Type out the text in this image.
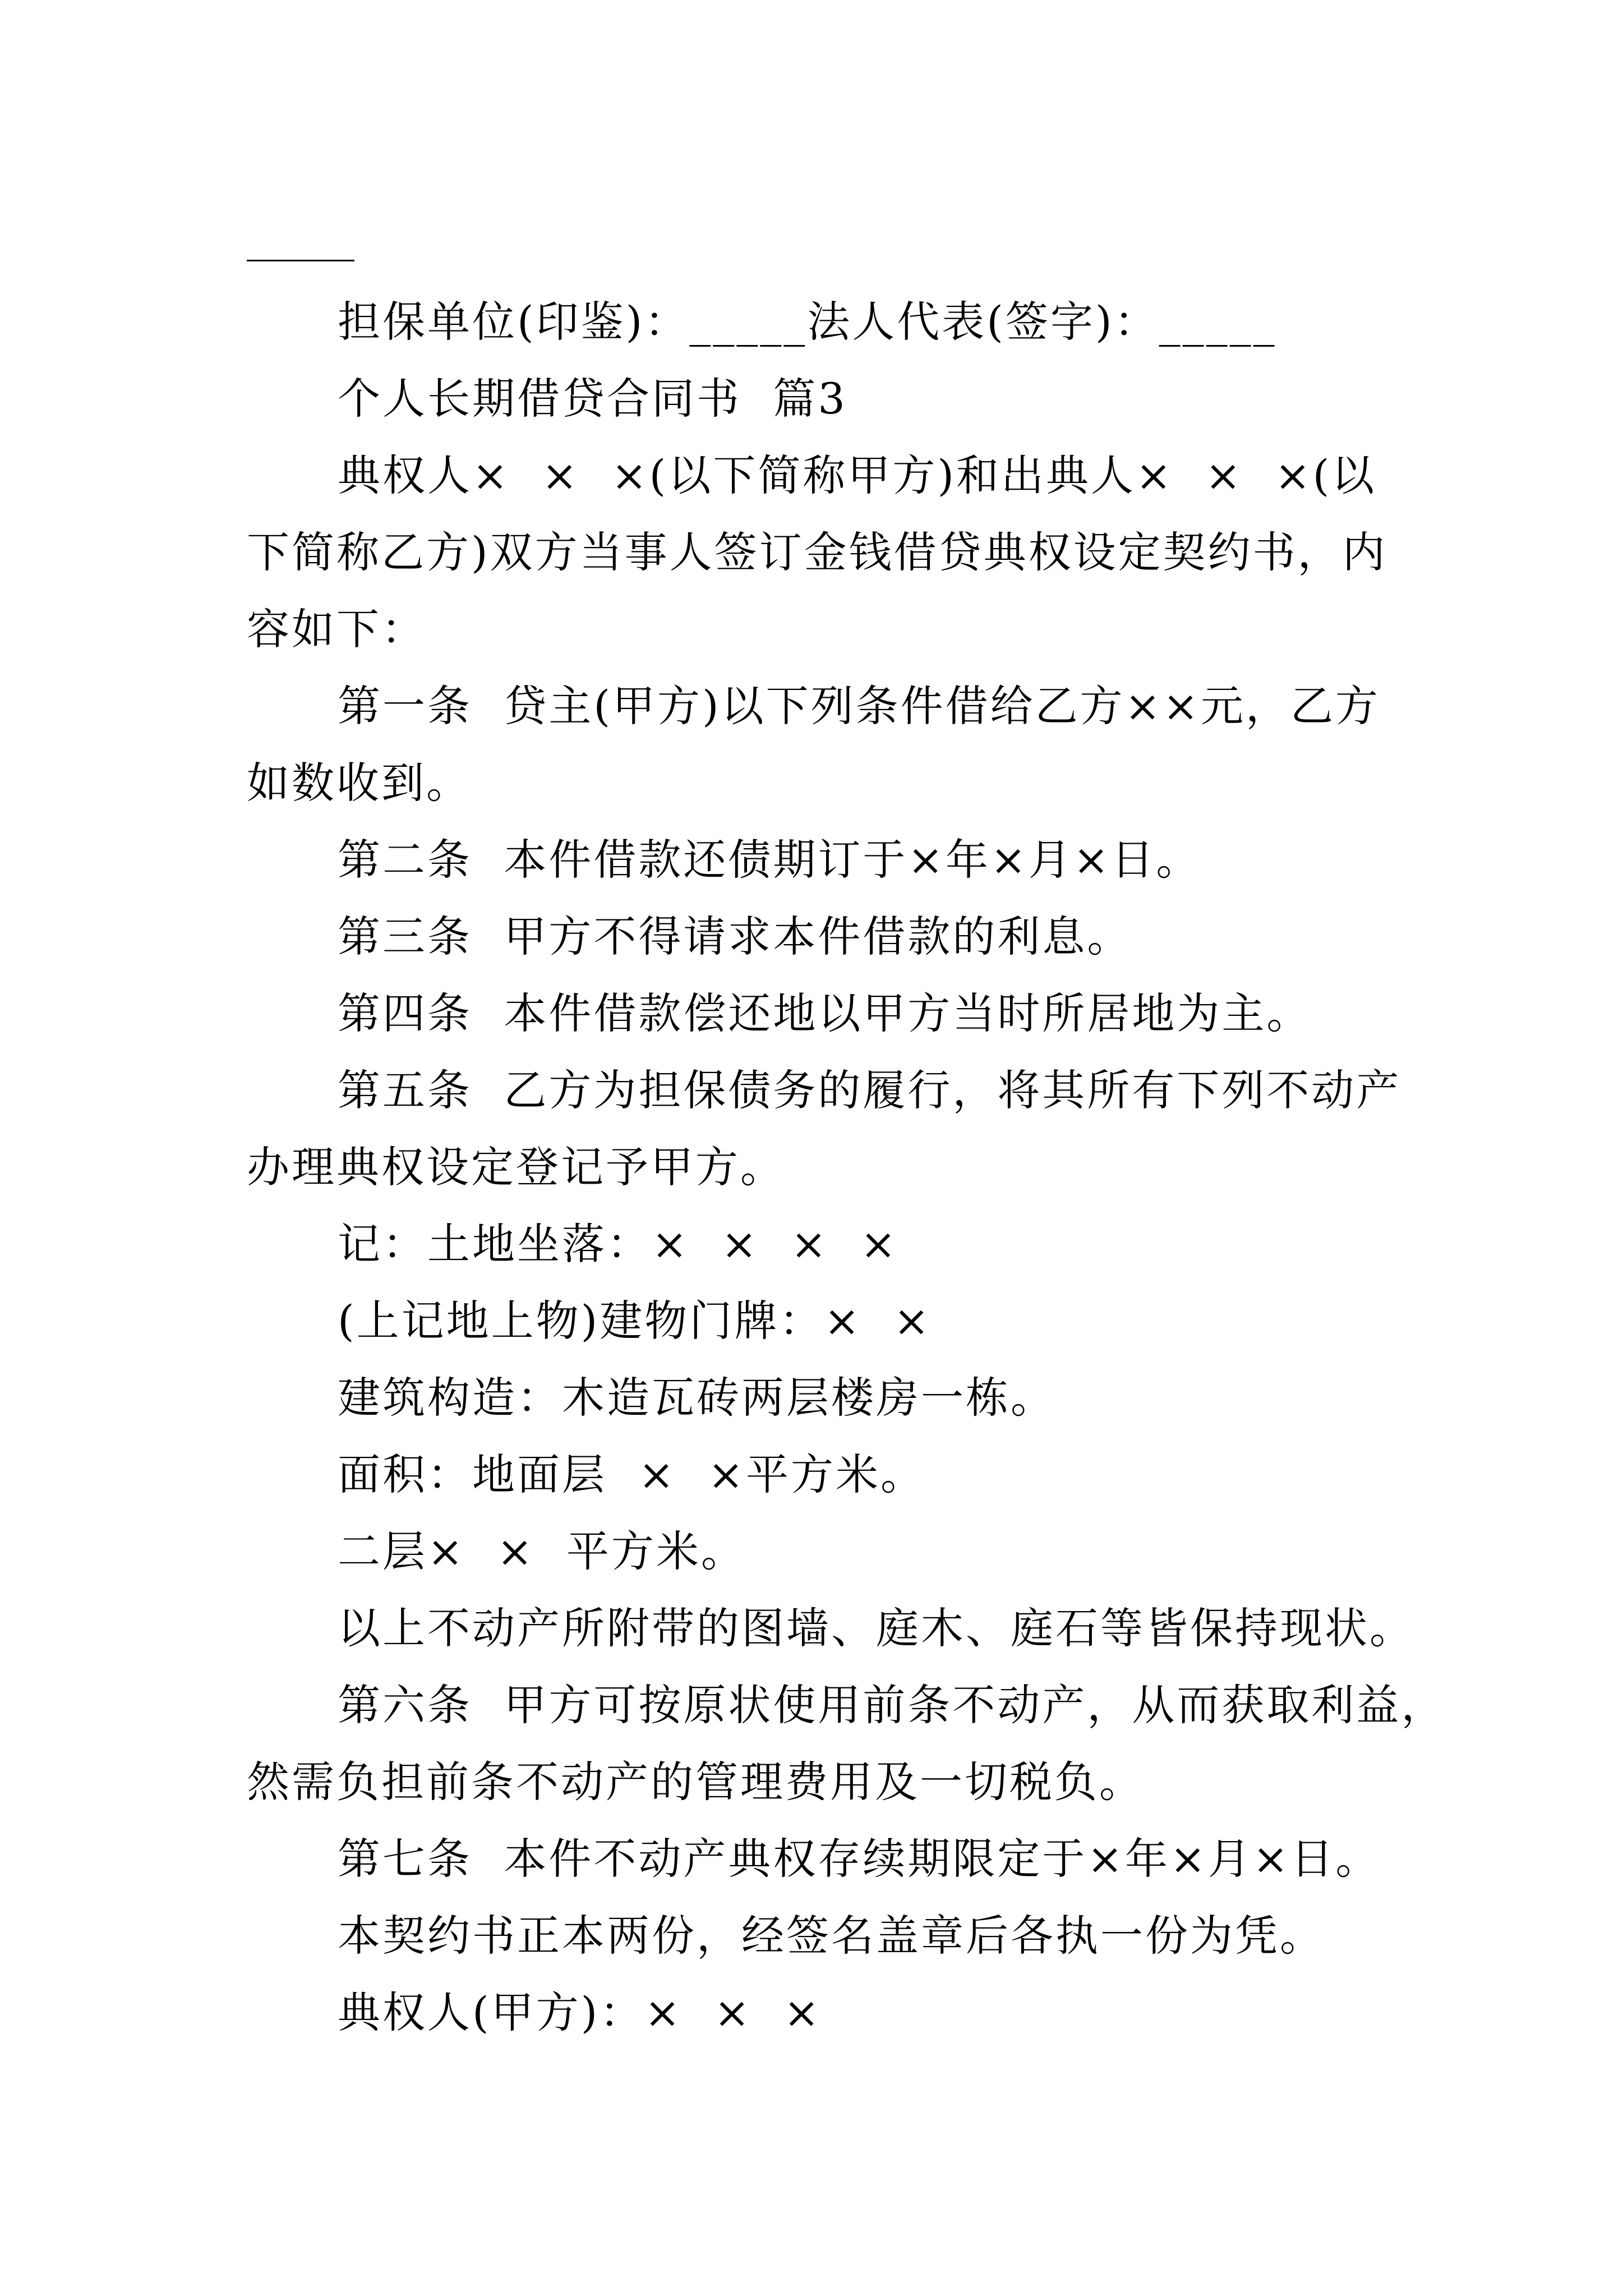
担保单位(印鉴)：_____法人代表(签字)：_____
个人长期借贷合同书  篇3
典权人×  ×  ×(以下简称甲方)和出典人×  ×  ×(以
下简称乙方)双方当事人签订金钱借贷典权设定契约书，内
容如下：
第一条  贷主(甲方)以下列条件借给乙方××元，乙方
如数收到。
第二条  本件借款还债期订于×年×月×日。
第三条  甲方不得请求本件借款的利息。
第四条  本件借款偿还地以甲方当时所居地为主。
第五条  乙方为担保债务的履行，将其所有下列不动产
办理典权设定登记予甲方。
记：土地坐落：×  ×  ×  ×
(上记地上物)建物门牌：×  ×
建筑构造：木造瓦砖两层楼房一栋。
面积：地面层  ×  ×平方米。
二层×  ×  平方米。
以上不动产所附带的图墙、庭木、庭石等皆保持现状。
第六条  甲方可按原状使用前条不动产，从而获取利益，
然需负担前条不动产的管理费用及一切税负。
第七条  本件不动产典权存续期限定于×年×月×日。
本契约书正本两份，经签名盖章后各执一份为凭。
典权人(甲方)：×  ×  ×
